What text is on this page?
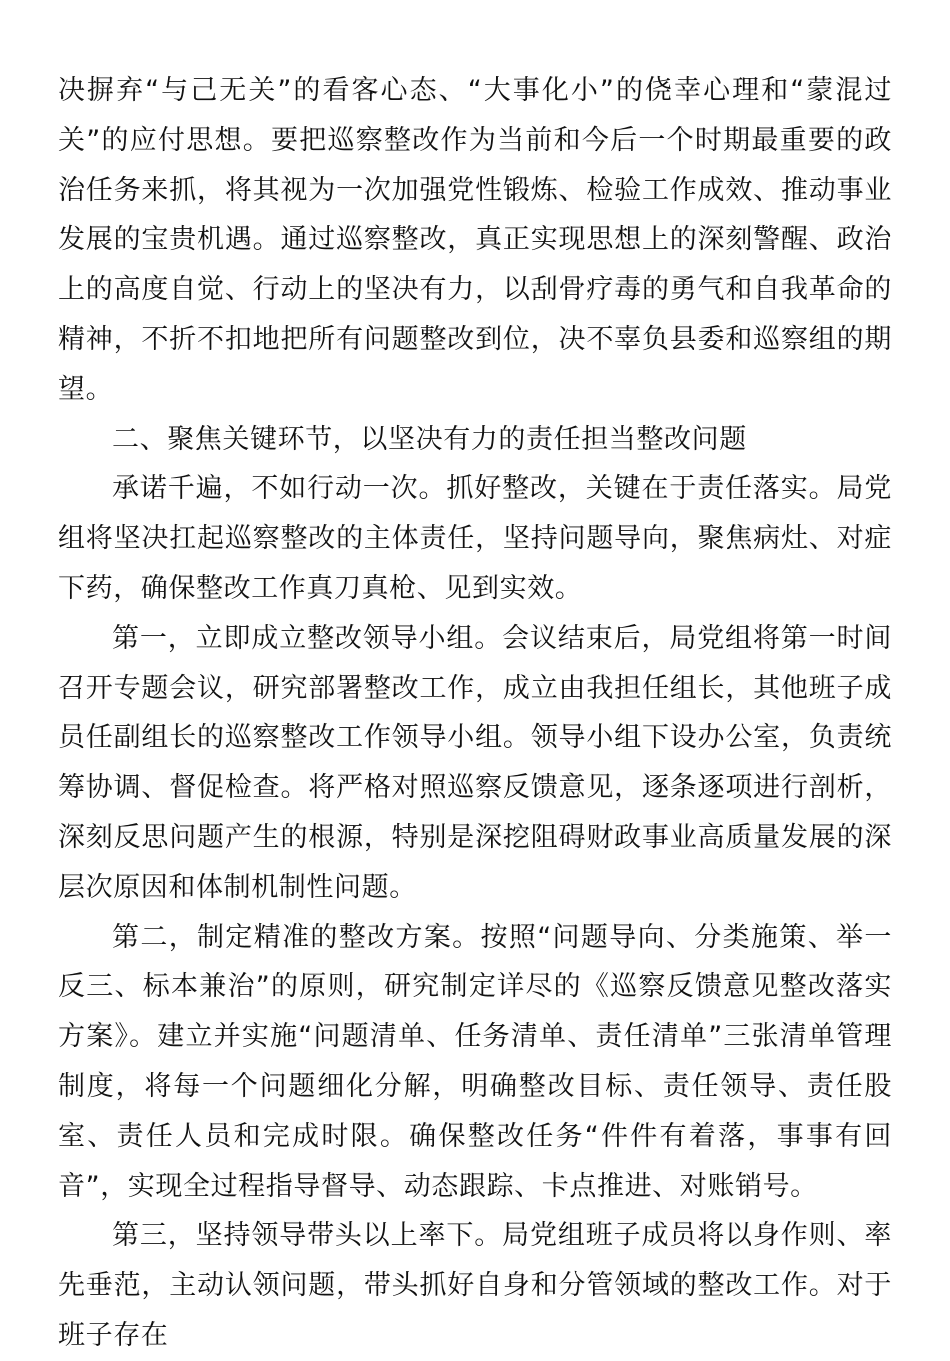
决摒弃“与己无关”的看客心态、“大事化小”的侥幸心理和“蒙混过关”的应付思想。要把巡察整改作为当前和今后一个时期最重要的政治任务来抓，将其视为一次加强党性锻炼、检验工作成效、推动事业发展的宝贵机遇。通过巡察整改，真正实现思想上的深刻警醒、政治上的高度自觉、行动上的坚决有力，以刮骨疗毒的勇气和自我革命的精神，不折不扣地把所有问题整改到位，决不辜负县委和巡察组的期望。

二、聚焦关键环节，以坚决有力的责任担当整改问题

承诺千遍，不如行动一次。抓好整改，关键在于责任落实。局党组将坚决扛起巡察整改的主体责任，坚持问题导向，聚焦病灶、对症下药，确保整改工作真刀真枪、见到实效。

第一，立即成立整改领导小组。会议结束后，局党组将第一时间召开专题会议，研究部署整改工作，成立由我担任组长，其他班子成员任副组长的巡察整改工作领导小组。领导小组下设办公室，负责统筹协调、督促检查。将严格对照巡察反馈意见，逐条逐项进行剖析，深刻反思问题产生的根源，特别是深挖阻碍财政事业高质量发展的深层次原因和体制机制性问题。

第二，制定精准的整改方案。按照“问题导向、分类施策、举一反三、标本兼治”的原则，研究制定详尽的《巡察反馈意见整改落实方案》。建立并实施“问题清单、任务清单、责任清单”三张清单管理制度，将每一个问题细化分解，明确整改目标、责任领导、责任股室、责任人员和完成时限。确保整改任务“件件有着落，事事有回音”，实现全过程指导督导、动态跟踪、卡点推进、对账销号。

第三，坚持领导带头以上率下。局党组班子成员将以身作则、率先垂范，主动认领问题，带头抓好自身和分管领域的整改工作。对于班子存在
